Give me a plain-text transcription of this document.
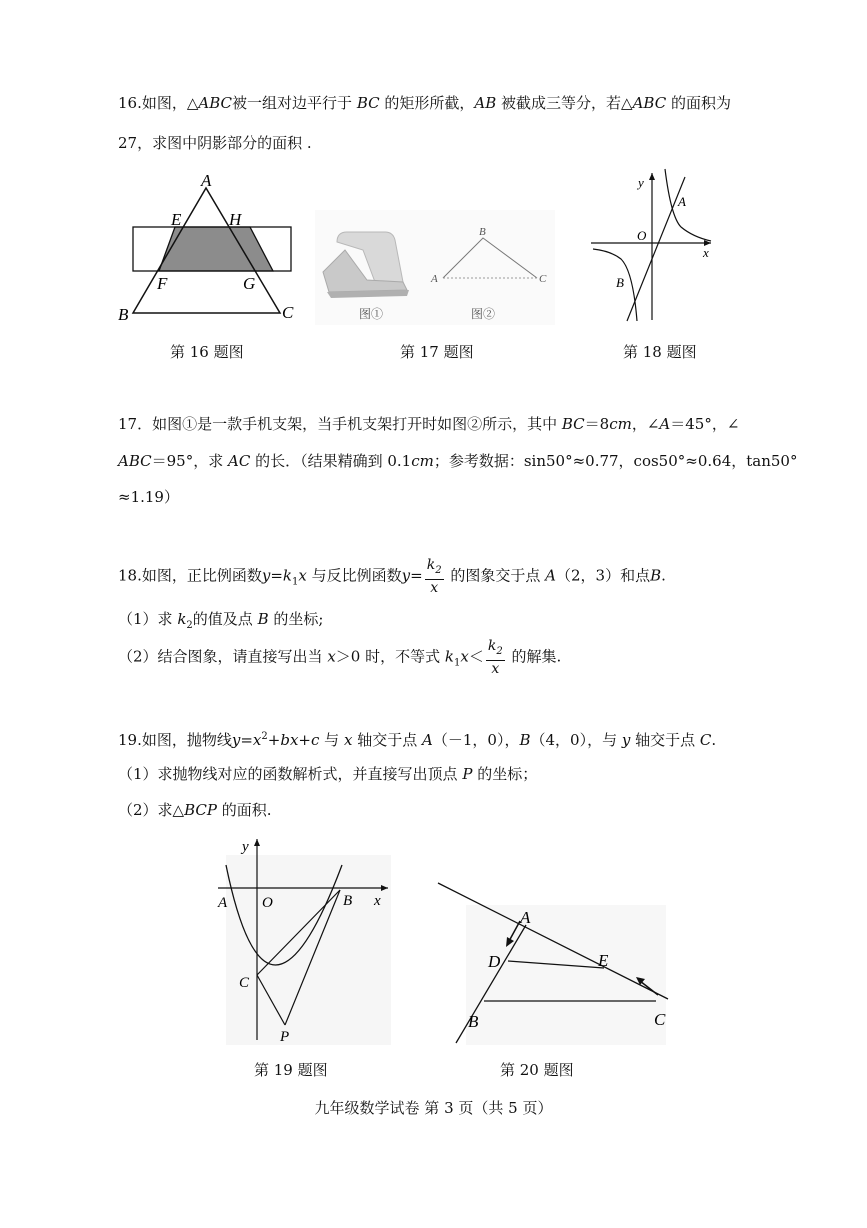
16.如图，△ABC被一组对边平行于 BC 的矩形所截，AB 被截成三等分，若△ABC 的面积为
27，求图中阴影部分的面积 .
A
E	H
F	G
B	C	图①
B
A	C
图②
y
x
O
A
B
第 16 题图	第 17 题图	第 18 题图
17．如图①是一款手机支架，当手机支架打开时如图②所示，其中 BC＝8cm，∠A＝45°，∠
ABC＝95°，求 AC 的长．（结果精确到 0.1cm；参考数据：sin50°≈0.77，cos50°≈0.64，tan50°
≈1.19）
18.如图，正比例函数$y=k_1x$ 与反比例函数$y= \frac{k_2}{x}$ 的图象交于点 A（2，3）和点B.
（1）求 $k_2$的值及点 B 的坐标;
（2）结合图象，请直接写出当 x＞0 时，不等式 $k_1x< \frac{k_2}{x}$ 的解集.
19.如图，抛物线$y=x^2+bx+c$ 与 x 轴交于点 A（－1，0），B（4，0），与 y 轴交于点 C.
（1）求抛物线对应的函数解析式，并直接写出顶点 P 的坐标；
（2）求△BCP 的面积.
y
x
O
A	B
C
P
A
D	E
B	C
第 19 题图	第 20 题图
九年级数学试卷 第 3 页（共 5 页）
